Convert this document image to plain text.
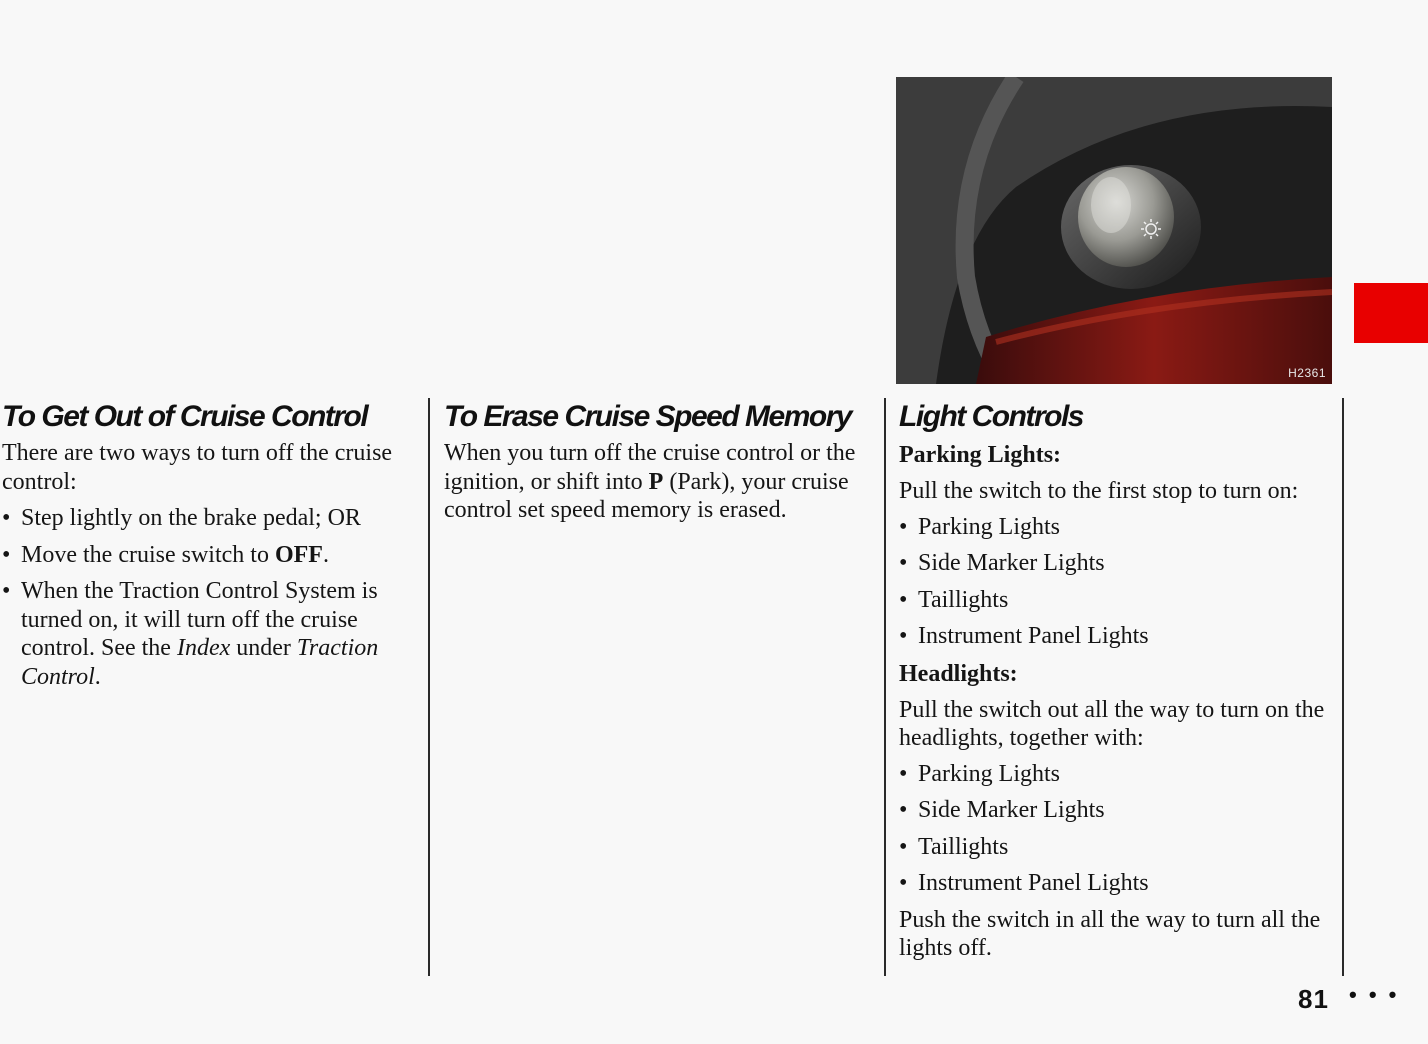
H2361
To Get Out of Cruise Control

There are two ways to turn off the cruise control:

• Step lightly on the brake pedal; OR

• Move the cruise switch to OFF.

• When the Traction Control System is turned on, it will turn off the cruise control. See the Index under Traction Control.

To Erase Cruise Speed Memory

When you turn off the cruise control or the ignition, or shift into P (Park), your cruise control set speed memory is erased.

Light Controls

Parking Lights:

Pull the switch to the first stop to turn on:

• Parking Lights

• Side Marker Lights

• Taillights

• Instrument Panel Lights

Headlights:

Pull the switch out all the way to turn on the headlights, together with:

• Parking Lights

• Side Marker Lights

• Taillights

• Instrument Panel Lights

Push the switch in all the way to turn all the lights off.

81 • • •
